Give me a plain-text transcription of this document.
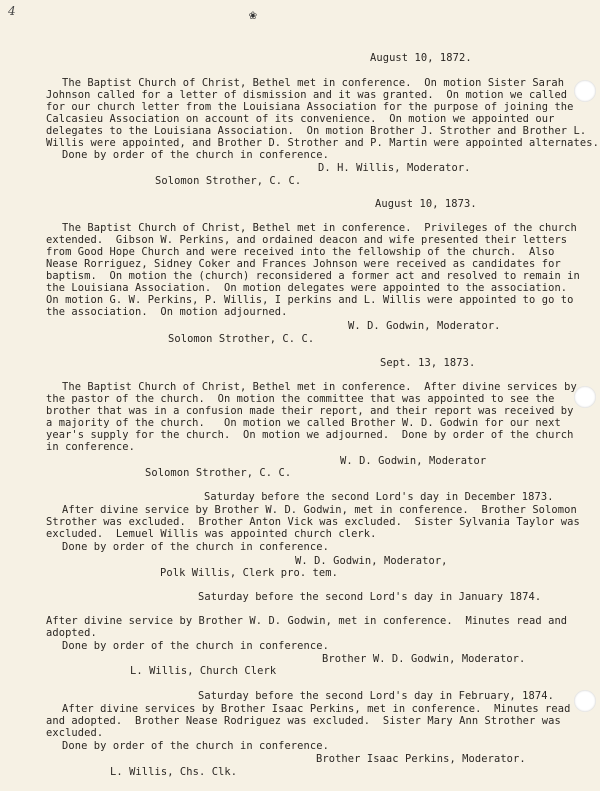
4	❀
August 10, 1872.
The Baptist Church of Christ, Bethel met in conference.  On motion Sister Sarah
Johnson called for a letter of dismission and it was granted.  On motion we called
for our church letter from the Louisiana Association for the purpose of joining the
Calcasieu Association on account of its convenience.  On motion we appointed our
delegates to the Louisiana Association.  On motion Brother J. Strother and Brother L.
Willis were appointed, and Brother D. Strother and P. Martin were appointed alternates.
Done by order of the church in conference.
D. H. Willis, Moderator.
Solomon Strother, C. C.
August 10, 1873.
The Baptist Church of Christ, Bethel met in conference.  Privileges of the church
extended.  Gibson W. Perkins, and ordained deacon and wife presented their letters
from Good Hope Church and were received into the fellowship of the church.  Also
Nease Rorriguez, Sidney Coker and Frances Johnson were received as candidates for
baptism.  On motion the (church) reconsidered a former act and resolved to remain in
the Louisiana Association.  On motion delegates were appointed to the association.
On motion G. W. Perkins, P. Willis, I perkins and L. Willis were appointed to go to
the association.  On motion adjourned.
W. D. Godwin, Moderator.
Solomon Strother, C. C.
Sept. 13, 1873.
The Baptist Church of Christ, Bethel met in conference.  After divine services by
the pastor of the church.  On motion the committee that was appointed to see the
brother that was in a confusion made their report, and their report was received by
a majority of the church.   On motion we called Brother W. D. Godwin for our next
year's supply for the church.  On motion we adjourned.  Done by order of the church
in conference.
W. D. Godwin, Moderator
Solomon Strother, C. C.
Saturday before the second Lord's day in December 1873.
After divine service by Brother W. D. Godwin, met in conference.  Brother Solomon
Strother was excluded.  Brother Anton Vick was excluded.  Sister Sylvania Taylor was
excluded.  Lemuel Willis was appointed church clerk.
Done by order of the church in conference.
W. D. Godwin, Moderator,
Polk Willis, Clerk pro. tem.
Saturday before the second Lord's day in January 1874.
After divine service by Brother W. D. Godwin, met in conference.  Minutes read and
adopted.
Done by order of the church in conference.
Brother W. D. Godwin, Moderator.
L. Willis, Church Clerk
Saturday before the second Lord's day in February, 1874.
After divine services by Brother Isaac Perkins, met in conference.  Minutes read
and adopted.  Brother Nease Rodriguez was excluded.  Sister Mary Ann Strother was
excluded.
Done by order of the church in conference.
Brother Isaac Perkins, Moderator.
L. Willis, Chs. Clk.
